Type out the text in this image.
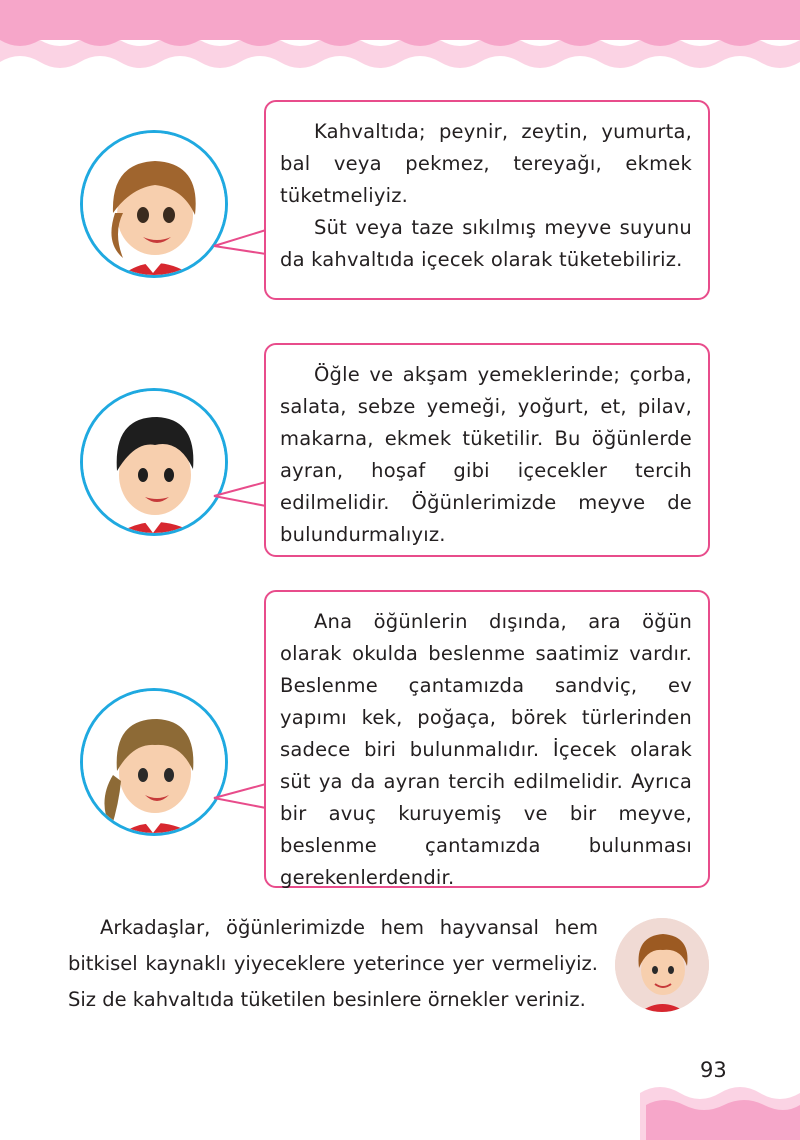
Kahvaltıda; peynir, zeytin, yumurta, bal veya pekmez, tereyağı, ekmek tüketmeliyiz.

Süt veya taze sıkılmış meyve suyunu da kahvaltıda içecek olarak tüketebiliriz.

Öğle ve akşam yemeklerinde; çorba, salata, sebze yemeği, yoğurt, et, pilav, makarna, ekmek tüketilir. Bu öğünlerde ayran, hoşaf gibi içecekler tercih edilmelidir. Öğünlerimizde meyve de bulundurmalıyız.

Ana öğünlerin dışında, ara öğün olarak okulda beslenme saatimiz vardır. Beslenme çantamızda sandviç, ev yapımı kek, poğaça, börek türlerinden sadece biri bulunmalıdır. İçecek olarak süt ya da ayran tercih edilmelidir. Ayrıca bir avuç kuruyemiş ve bir meyve, beslenme çantamızda bulunması gerekenlerdendir.

Arkadaşlar, öğünlerimizde hem hayvansal hem bitkisel kaynaklı yiyeceklere yeterince yer vermeliyiz. Siz de kahvaltıda tüketilen besinlere örnekler veriniz.

93
